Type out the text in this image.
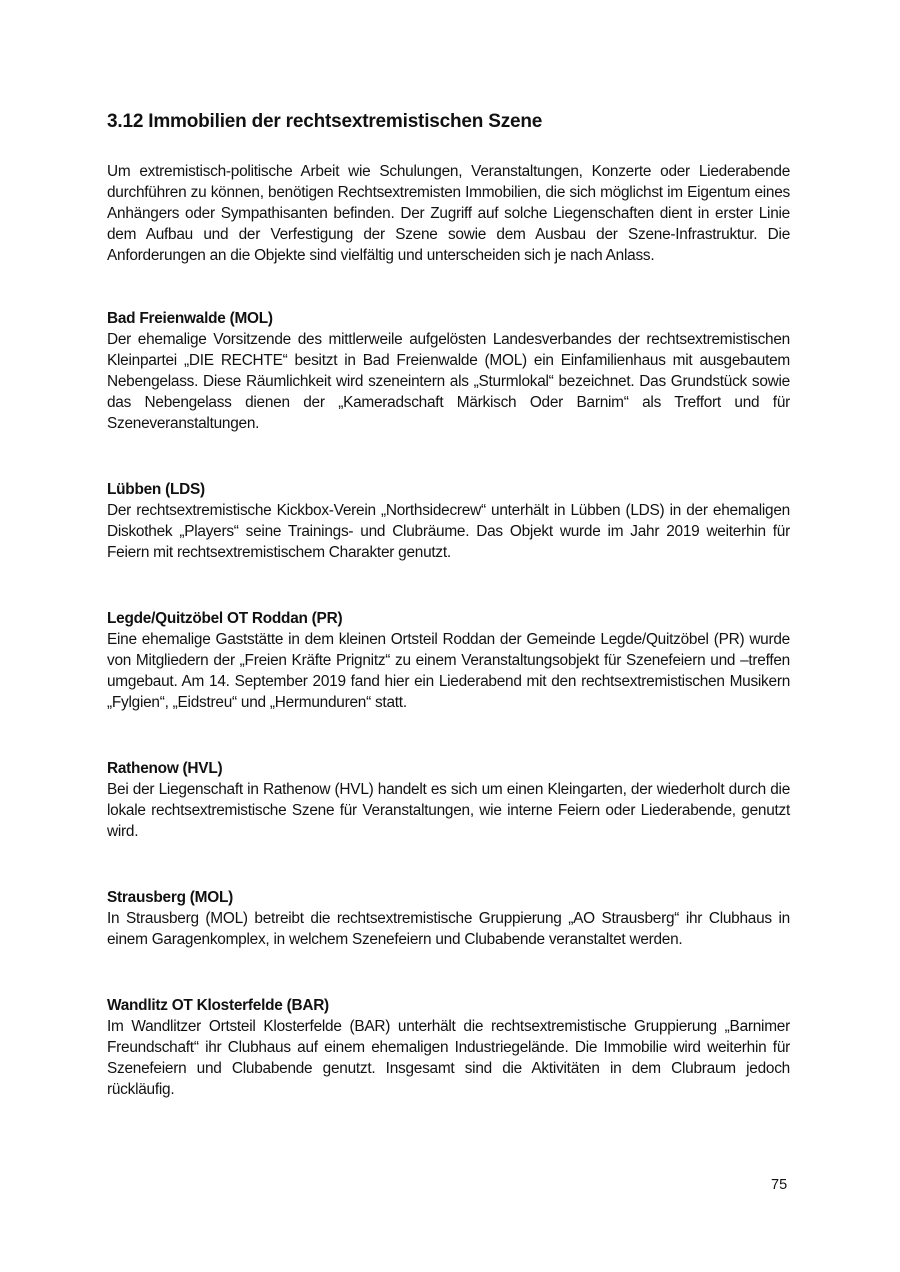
3.12 Immobilien der rechtsextremistischen Szene

Um extremistisch-politische Arbeit wie Schulungen, Veranstaltungen, Konzerte oder Liederabende durchführen zu können, benötigen Rechtsextremisten Immobilien, die sich möglichst im Eigentum eines Anhängers oder Sympathisanten befinden. Der Zugriff auf solche Liegenschaften dient in erster Linie dem Aufbau und der Verfestigung der Szene sowie dem Ausbau der Szene-Infrastruktur. Die Anforderungen an die Objekte sind vielfältig und unterscheiden sich je nach Anlass.

Bad Freienwalde (MOL)

Der ehemalige Vorsitzende des mittlerweile aufgelösten Landesverbandes der rechtsextremistischen Kleinpartei „DIE RECHTE“ besitzt in Bad Freienwalde (MOL) ein Einfamilienhaus mit ausgebautem Nebengelass. Diese Räumlichkeit wird szeneintern als „Sturmlokal“ bezeichnet. Das Grundstück sowie das Nebengelass dienen der „Kameradschaft Märkisch Oder Barnim“ als Treffort und für Szeneveranstaltungen.

Lübben (LDS)

Der rechtsextremistische Kickbox-Verein „Northsidecrew“ unterhält in Lübben (LDS) in der ehemaligen Diskothek „Players“ seine Trainings- und Clubräume. Das Objekt wurde im Jahr 2019 weiterhin für Feiern mit rechtsextremistischem Charakter genutzt.

Legde/Quitzöbel OT Roddan (PR)

Eine ehemalige Gaststätte in dem kleinen Ortsteil Roddan der Gemeinde Legde/Quitzöbel (PR) wurde von Mitgliedern der „Freien Kräfte Prignitz“ zu einem Veranstaltungsobjekt für Szenefeiern und –treffen umgebaut. Am 14. September 2019 fand hier ein Liederabend mit den rechtsextremistischen Musikern „Fylgien“, „Eidstreu“ und „Hermunduren“ statt.

Rathenow (HVL)

Bei der Liegenschaft in Rathenow (HVL) handelt es sich um einen Kleingarten, der wiederholt durch die lokale rechtsextremistische Szene für Veranstaltungen, wie interne Feiern oder Liederabende, genutzt wird.

Strausberg (MOL)

In Strausberg (MOL) betreibt die rechtsextremistische Gruppierung „AO Strausberg“ ihr Clubhaus in einem Garagenkomplex, in welchem Szenefeiern und Clubabende veranstaltet werden.

Wandlitz OT Klosterfelde (BAR)

Im Wandlitzer Ortsteil Klosterfelde (BAR) unterhält die rechtsextremistische Gruppierung „Barnimer Freundschaft“ ihr Clubhaus auf einem ehemaligen Industriegelände. Die Immobilie wird weiterhin für Szenefeiern und Clubabende genutzt. Insgesamt sind die Aktivitäten in dem Clubraum jedoch rückläufig.

75
